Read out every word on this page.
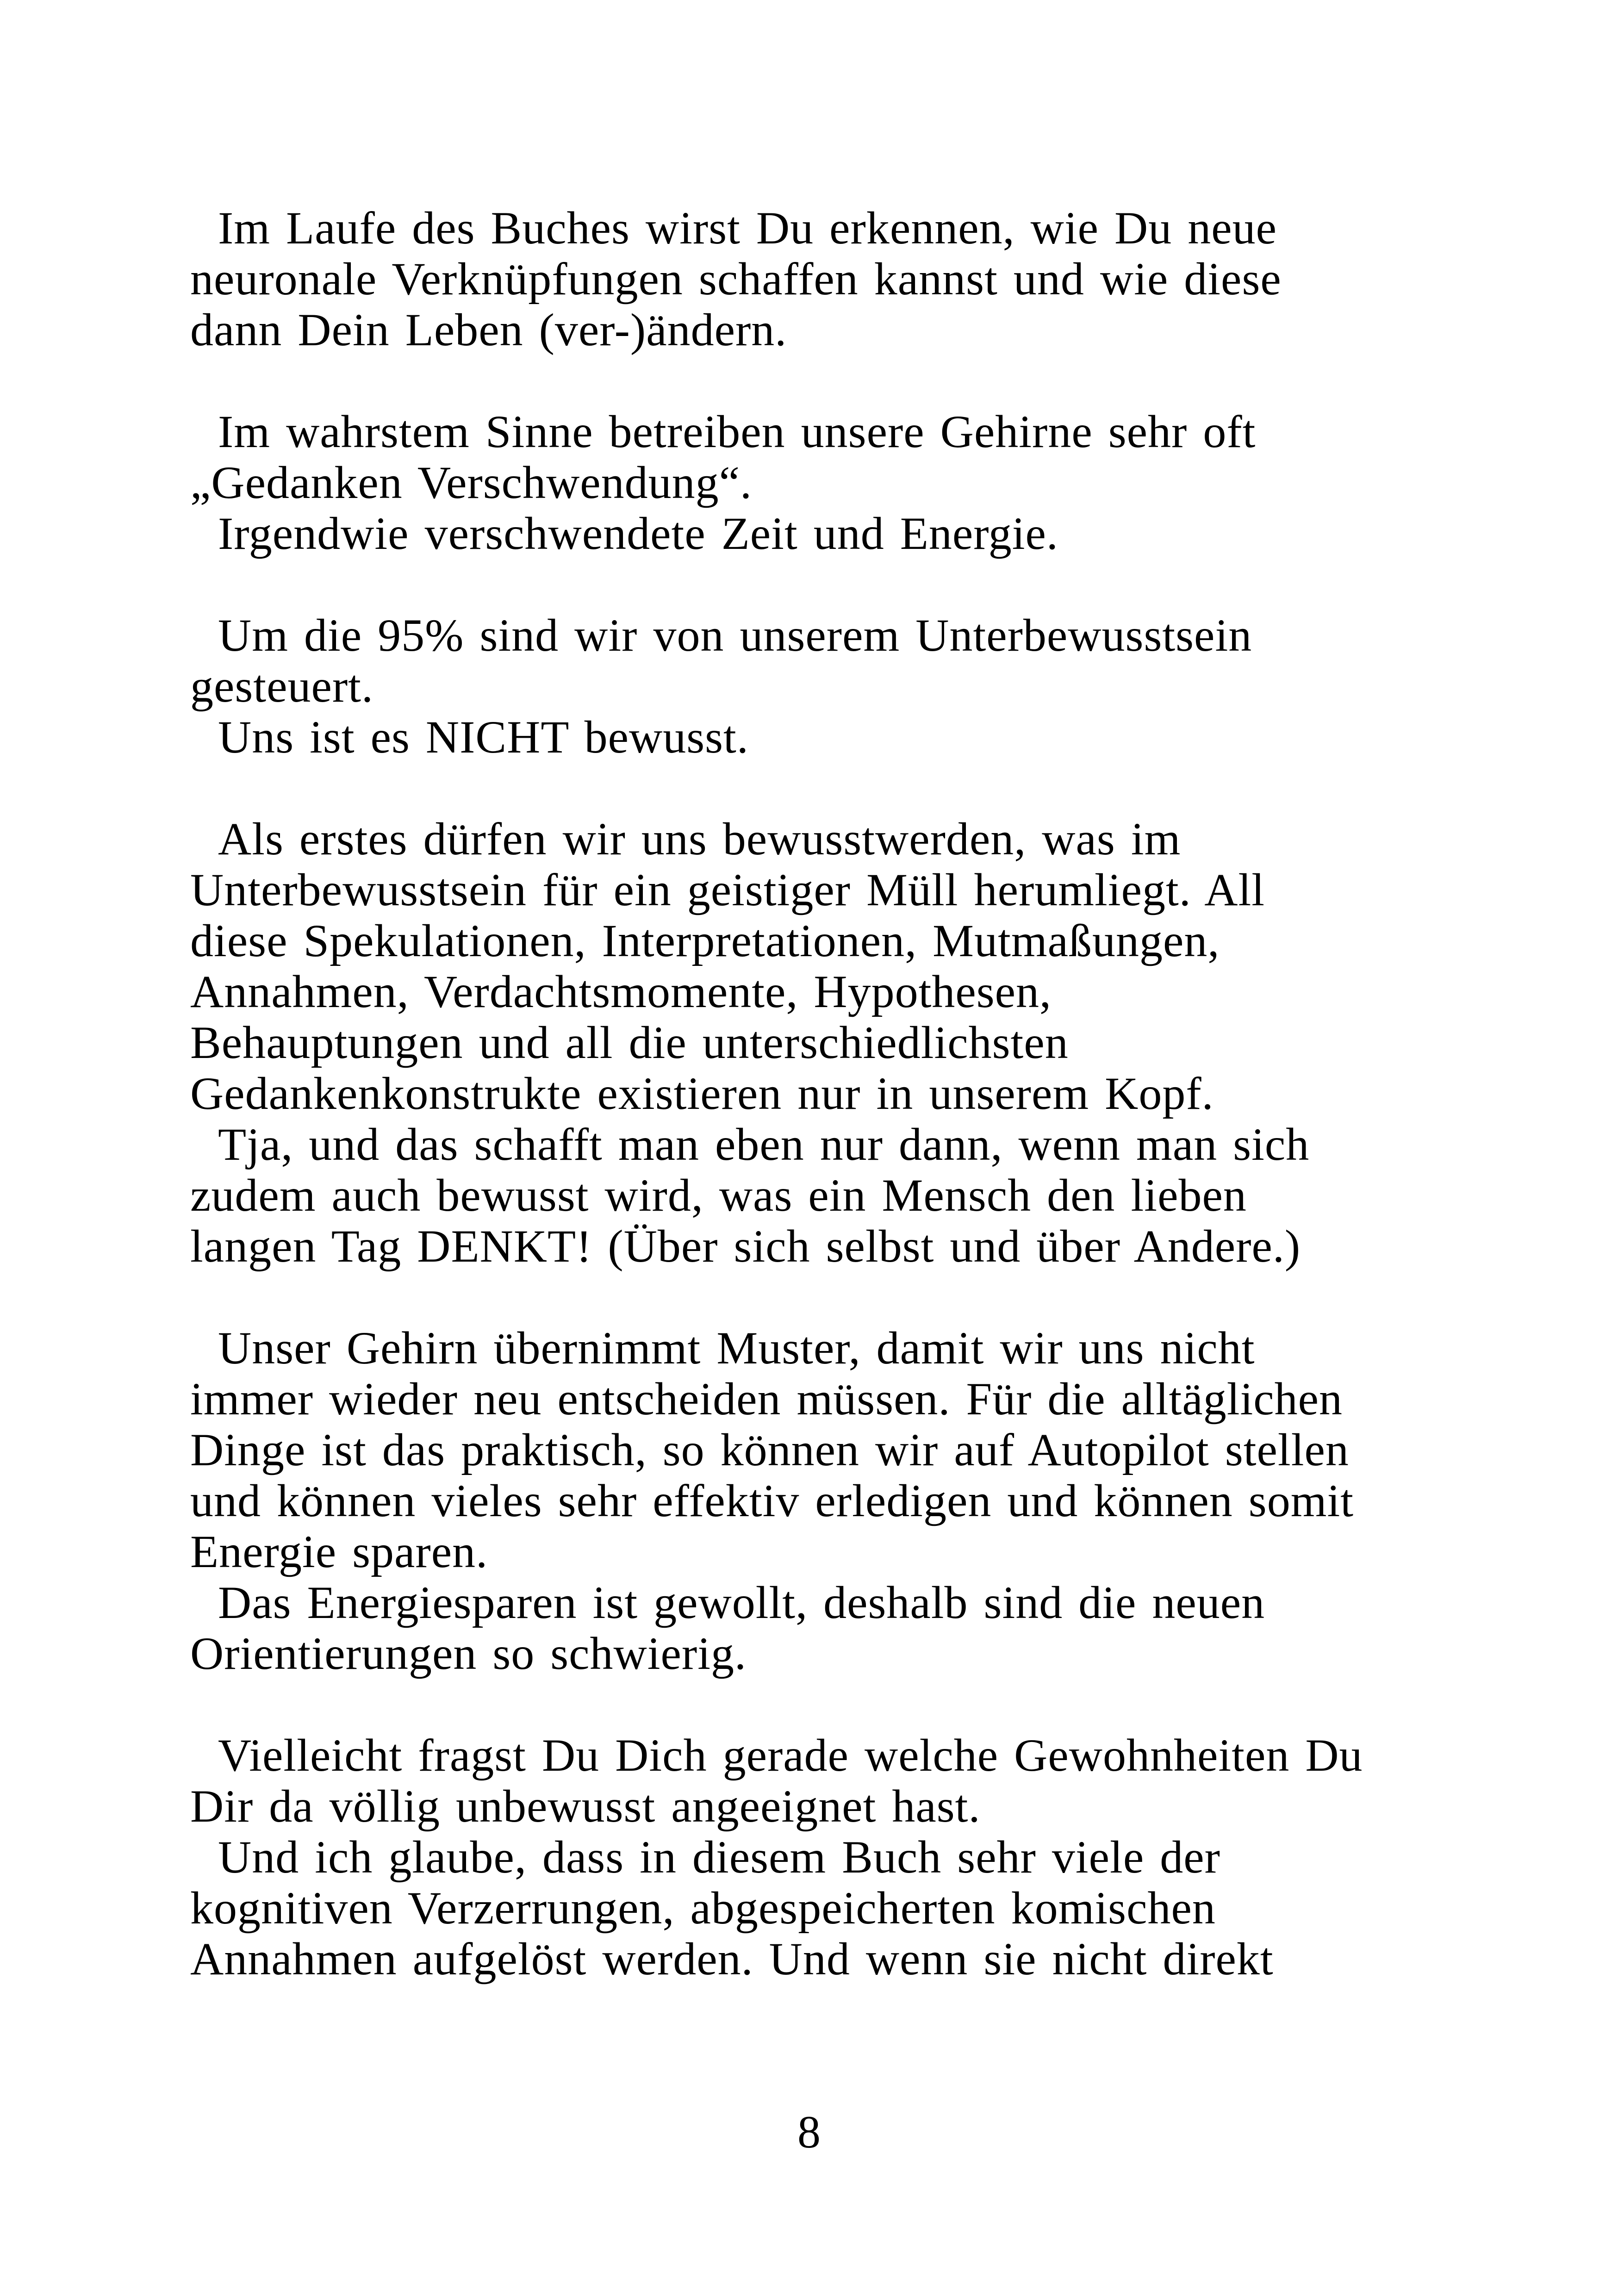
Im Laufe des Buches wirst Du erkennen, wie Du neue
neuronale Verknüpfungen schaffen kannst und wie diese
dann Dein Leben (ver-)ändern.
Im wahrstem Sinne betreiben unsere Gehirne sehr oft
„Gedanken Verschwendung“.
Irgendwie verschwendete Zeit und Energie.
Um die 95% sind wir von unserem Unterbewusstsein
gesteuert.
Uns ist es NICHT bewusst.
Als erstes dürfen wir uns bewusstwerden, was im
Unterbewusstsein für ein geistiger Müll herumliegt. All
diese Spekulationen, Interpretationen, Mutmaßungen,
Annahmen, Verdachtsmomente, Hypothesen,
Behauptungen und all die unterschiedlichsten
Gedankenkonstrukte existieren nur in unserem Kopf.
Tja, und das schafft man eben nur dann, wenn man sich
zudem auch bewusst wird, was ein Mensch den lieben
langen Tag DENKT! (Über sich selbst und über Andere.)
Unser Gehirn übernimmt Muster, damit wir uns nicht
immer wieder neu entscheiden müssen. Für die alltäglichen
Dinge ist das praktisch, so können wir auf Autopilot stellen
und können vieles sehr effektiv erledigen und können somit
Energie sparen.
Das Energiesparen ist gewollt, deshalb sind die neuen
Orientierungen so schwierig.
Vielleicht fragst Du Dich gerade welche Gewohnheiten Du
Dir da völlig unbewusst angeeignet hast.
Und ich glaube, dass in diesem Buch sehr viele der
kognitiven Verzerrungen, abgespeicherten komischen
Annahmen aufgelöst werden. Und wenn sie nicht direkt
8
